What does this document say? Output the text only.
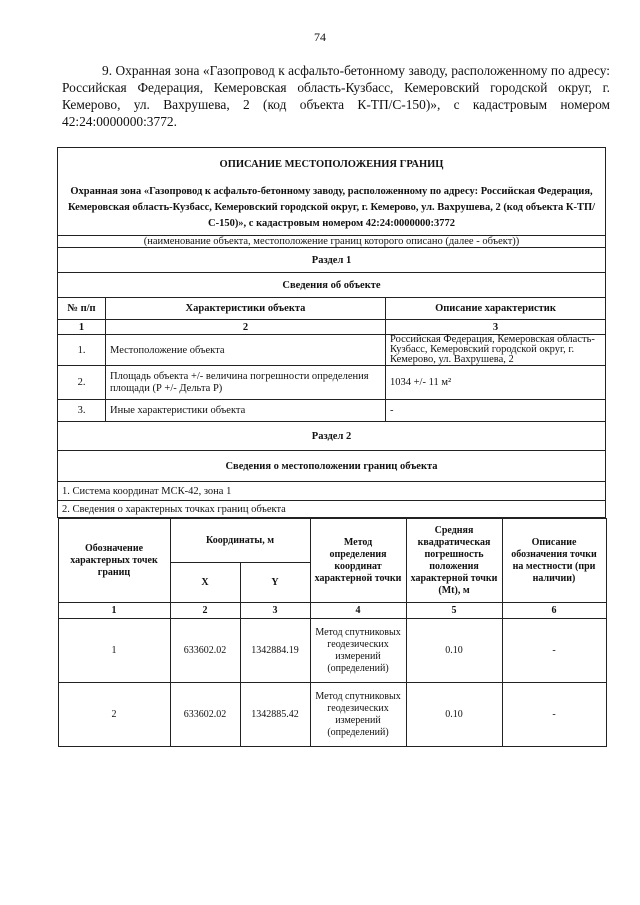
74
9. Охранная зона «Газопровод к асфальто-бетонному заводу, расположенному по адресу: Российская Федерация, Кемеровская область-Кузбасс, Кемеровский городской округ, г. Кемерово, ул. Вахрушева, 2 (код объекта К-ТП/С-150)», с кадастровым номером 42:24:0000000:3772.
ОПИСАНИЕ МЕСТОПОЛОЖЕНИЯ ГРАНИЦ
Охранная зона «Газопровод к асфальто-бетонному заводу, расположенному по адресу: Российская Федерация, Кемеровская область-Кузбасс, Кемеровский городской округ, г. Кемерово, ул. Вахрушева, 2 (код объекта К-ТП/С-150)», с кадастровым номером 42:24:0000000:3772
(наименование объекта, местоположение границ которого описано (далее - объект))
Раздел 1
Сведения об объекте
№ п/п	Характеристики объекта	Описание характеристик
1	2	3
1.	Местоположение объекта	Российская Федерация, Кемеровская область-Кузбасс, Кемеровский городской округ, г. Кемерово, ул. Вахрушева, 2
2.	Площадь объекта +/- величина погрешности определения площади (Р +/- Дельта Р)	1034 +/- 11 м²
3.	Иные характеристики объекта	-
Раздел 2
Сведения о местоположении границ объекта
1. Система координат МСК-42, зона 1
2. Сведения о характерных точках границ объекта

Обозначение характерных точек границ	Координаты, м	Метод определения координат характерной точки	Средняя квадратическая погрешность положения характерной точки (Мt), м	Описание обозначения точки на местности (при наличии)
X	Y
1	2	3	4	5	6
1	633602.02	1342884.19	Метод спутниковых геодезических измерений (определений)	0.10	-
2	633602.02	1342885.42	Метод спутниковых геодезических измерений (определений)	0.10	-
